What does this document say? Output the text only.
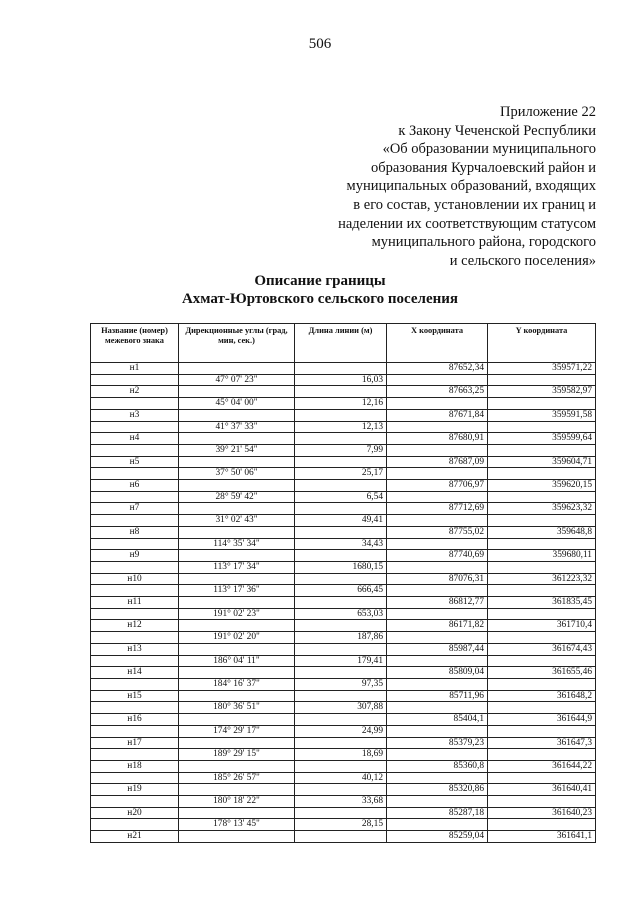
506
Приложение 22
к Закону Чеченской Республики
«Об образовании муниципального
образования Курчалоевский район и
муниципальных образований, входящих
в его состав, установлении их границ и
наделении их соответствующим статусом
муниципального района, городского
и сельского поселения»
Описание границы
Ахмат-Юртовского сельского поселения
Название (номер) межевого знака	Дирекционные углы (град, мин, сек.)	Длина линии (м)	X координата	Y координата
н1			87652,34	359571,22
	47° 07' 23"	16,03		
н2			87663,25	359582,97
	45° 04' 00"	12,16		
н3			87671,84	359591,58
	41° 37' 33"	12,13		
н4			87680,91	359599,64
	39° 21' 54"	7,99		
н5			87687,09	359604,71
	37° 50' 06"	25,17		
н6			87706,97	359620,15
	28° 59' 42"	6,54		
н7			87712,69	359623,32
	31° 02' 43"	49,41		
н8			87755,02	359648,8
	114° 35' 34"	34,43		
н9			87740,69	359680,11
	113° 17' 34"	1680,15		
н10			87076,31	361223,32
	113° 17' 36"	666,45		
н11			86812,77	361835,45
	191° 02' 23"	653,03		
н12			86171,82	361710,4
	191° 02' 20"	187,86		
н13			85987,44	361674,43
	186° 04' 11"	179,41		
н14			85809,04	361655,46
	184° 16' 37"	97,35		
н15			85711,96	361648,2
	180° 36' 51"	307,88		
н16			85404,1	361644,9
	174° 29' 17"	24,99		
н17			85379,23	361647,3
	189° 29' 15"	18,69		
н18			85360,8	361644,22
	185° 26' 57"	40,12		
н19			85320,86	361640,41
	180° 18' 22"	33,68		
н20			85287,18	361640,23
	178° 13' 45"	28,15		
н21			85259,04	361641,1
